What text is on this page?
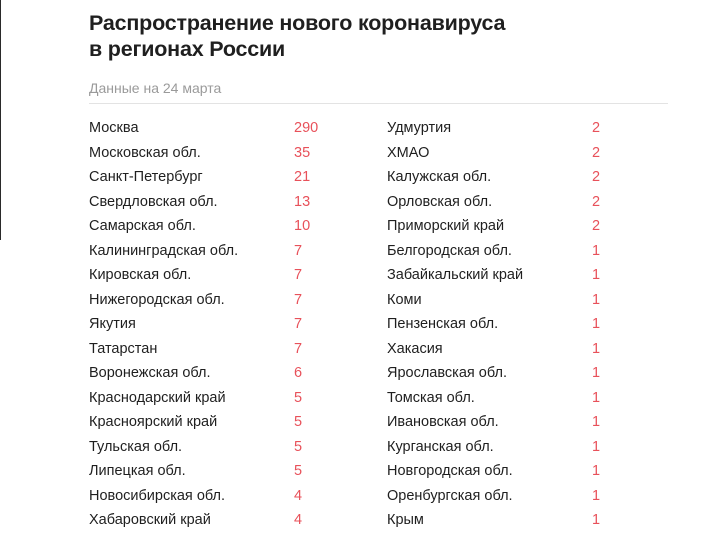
Распространение нового коронавируса
в регионах России
Данные на 24 марта
Москва	290
Московская обл.	35
Санкт-Петербург	21
Свердловская обл.	13
Самарская обл.	10
Калининградская обл.	7
Кировская обл.	7
Нижегородская обл.	7
Якутия	7
Татарстан	7
Воронежская обл.	6
Краснодарский край	5
Красноярский край	5
Тульская обл.	5
Липецкая обл.	5
Новосибирская обл.	4
Хабаровский край	4
Удмуртия	2
ХМАО	2
Калужская обл.	2
Орловская обл.	2
Приморский край	2
Белгородская обл.	1
Забайкальский край	1
Коми	1
Пензенская обл.	1
Хакасия	1
Ярославская обл.	1
Томская обл.	1
Ивановская обл.	1
Курганская обл.	1
Новгородская обл.	1
Оренбургская обл.	1
Крым	1
